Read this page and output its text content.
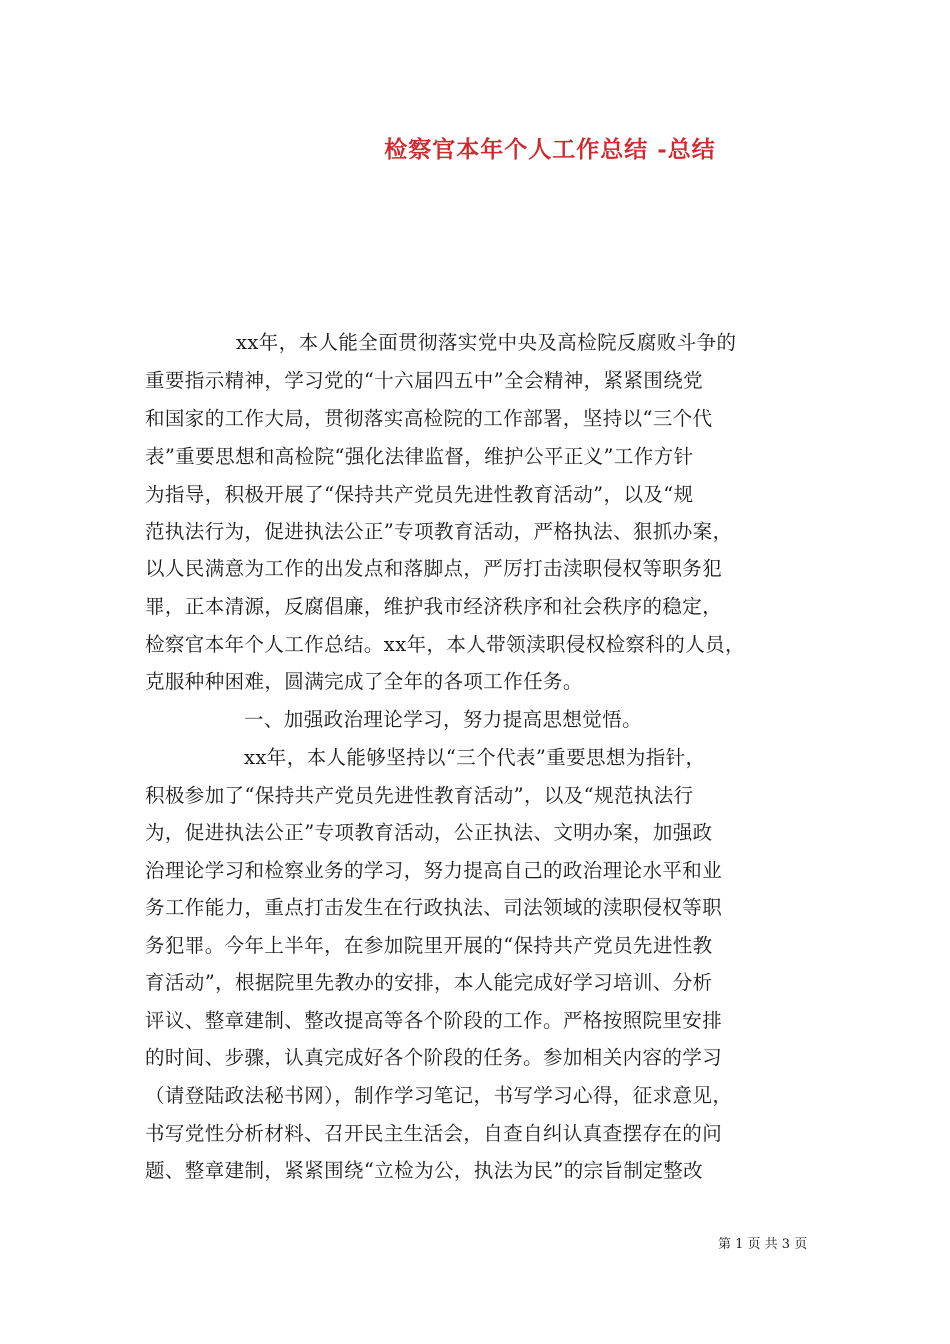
检察官本年个人工作总结 -总结

xx年，本人能全面贯彻落实党中央及高检院反腐败斗争的

重要指示精神，学习党的“十六届四五中”全会精神，紧紧围绕党

和国家的工作大局，贯彻落实高检院的工作部署，坚持以“三个代

表”重要思想和高检院“强化法律监督，维护公平正义”工作方针

为指导，积极开展了“保持共产党员先进性教育活动”，以及“规

范执法行为，促进执法公正”专项教育活动，严格执法、狠抓办案，

以人民满意为工作的出发点和落脚点，严厉打击渎职侵权等职务犯

罪，正本清源，反腐倡廉，维护我市经济秩序和社会秩序的稳定，

检察官本年个人工作总结。xx年，本人带领渎职侵权检察科的人员，

克服种种困难，圆满完成了全年的各项工作任务。

一、加强政治理论学习，努力提高思想觉悟。

xx年，本人能够坚持以“三个代表”重要思想为指针，

积极参加了“保持共产党员先进性教育活动”，以及“规范执法行

为，促进执法公正”专项教育活动，公正执法、文明办案，加强政

治理论学习和检察业务的学习，努力提高自己的政治理论水平和业

务工作能力，重点打击发生在行政执法、司法领域的渎职侵权等职

务犯罪。今年上半年，在参加院里开展的“保持共产党员先进性教

育活动”，根据院里先教办的安排，本人能完成好学习培训、分析

评议、整章建制、整改提高等各个阶段的工作。严格按照院里安排

的时间、步骤，认真完成好各个阶段的任务。参加相关内容的学习

（请登陆政法秘书网），制作学习笔记，书写学习心得，征求意见，

书写党性分析材料、召开民主生活会，自查自纠认真查摆存在的问

题、整章建制，紧紧围绕“立检为公，执法为民”的宗旨制定整改

第 1 页 共 3 页
